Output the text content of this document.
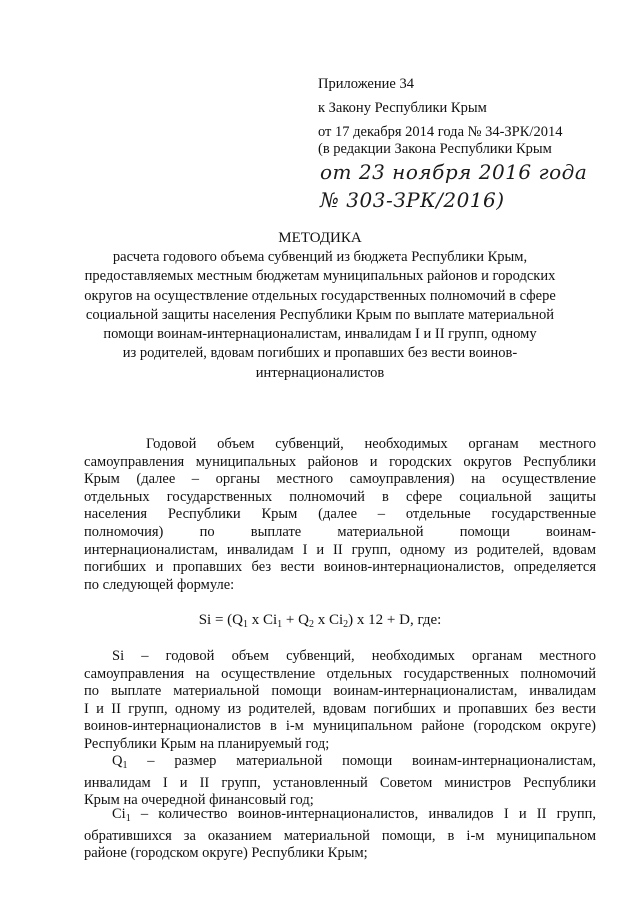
Приложение 34
к Закону Республики Крым
от 17 декабря 2014 года № 34-ЗРК/2014
(в редакции Закона Республики Крым
от 23 ноября 2016 года
№ 303-ЗРК/2016)
МЕТОДИКА
расчета годового объема субвенций из бюджета Республики Крым,
предоставляемых местным бюджетам муниципальных районов и городских
округов на осуществление отдельных государственных полномочий в сфере
социальной защиты населения Республики Крым по выплате материальной
помощи воинам-интернационалистам, инвалидам I и II групп, одному
из родителей, вдовам погибших и пропавших без вести воинов-
интернационалистов
Годовой объем субвенций, необходимых органам местного
самоуправления муниципальных районов и городских округов Республики
Крым (далее – органы местного самоуправления) на осуществление
отдельных государственных полномочий в сфере социальной защиты
населения Республики Крым (далее – отдельные государственные
полномочия) по выплате материальной помощи воинам-
интернационалистам, инвалидам I и II групп, одному из родителей, вдовам
погибших и пропавших без вести воинов-интернационалистов, определяется
по следующей формуле:
$Si = (Q_1$ x $Ci_1 + Q_2$ x $Ci_2$) x 12 + D, где:
Si – годовой объем субвенций, необходимых органам местного
самоуправления на осуществление отдельных государственных полномочий
по выплате материальной помощи воинам-интернационалистам, инвалидам
I и II групп, одному из родителей, вдовам погибших и пропавших без вести
воинов-интернационалистов в i-м муниципальном районе (городском округе)
Республики Крым на планируемый год;
$Q_1$ – размер материальной помощи воинам-интернационалистам,
инвалидам I и II групп, установленный Советом министров Республики
Крым на очередной финансовый год;
$Ci_1$ – количество воинов-интернационалистов, инвалидов I и II групп,
обратившихся за оказанием материальной помощи, в i-м муниципальном
районе (городском округе) Республики Крым;
